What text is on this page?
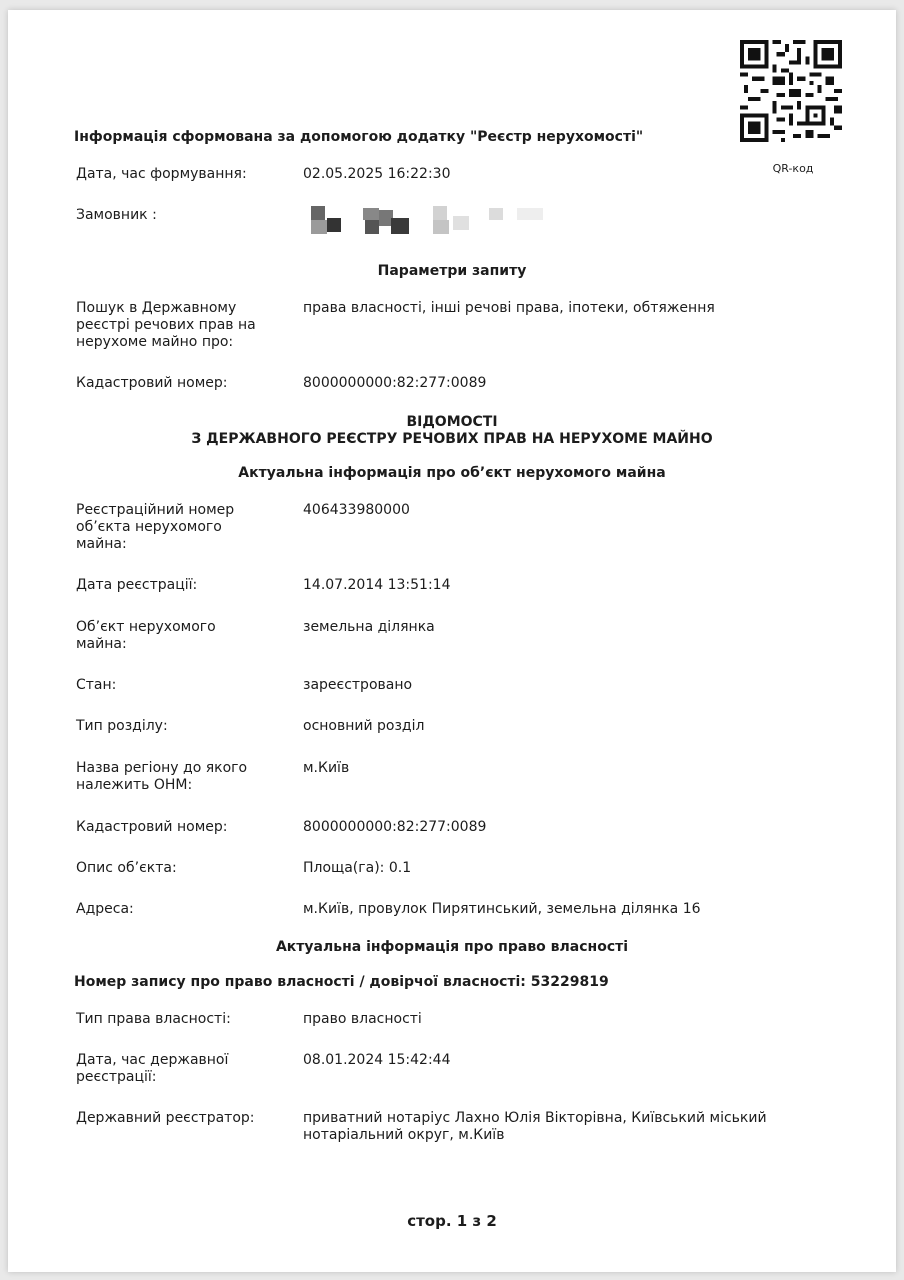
QR-код
Інформація сформована за допомогою додатку "Реєстр нерухомості"
Дата, час формування:	02.05.2025 16:22:30
Замовник :
Параметри запиту
Пошук в Державному реєстрі речових прав на нерухоме майно про:
права власності, інші речові права, іпотеки, обтяження
Кадастровий номер:	8000000000:82:277:0089
ВІДОМОСТІ
З ДЕРЖАВНОГО РЕЄСТРУ РЕЧОВИХ ПРАВ НА НЕРУХОМЕ МАЙНО
Актуальна інформація про об’єкт нерухомого майна
Реєстраційний номер об’єкта нерухомого майна:
406433980000
Дата реєстрації:	14.07.2014 13:51:14
Об’єкт нерухомого майна:
земельна ділянка
Стан:	зареєстровано
Тип розділу:	основний розділ
Назва регіону до якого належить ОНМ:
м.Київ
Кадастровий номер:	8000000000:82:277:0089
Опис об’єкта:	Площа(га): 0.1
Адреса:	м.Київ, провулок Пирятинський, земельна ділянка 16
Актуальна інформація про право власності
Номер запису про право власності / довірчої власності: 53229819
Тип права власності:	право власності
Дата, час державної реєстрації:
08.01.2024 15:42:44
Державний реєстратор:	приватний нотаріус Лахно Юлія Вікторівна, Київський міський нотаріальний округ, м.Київ
стор. 1 з 2
